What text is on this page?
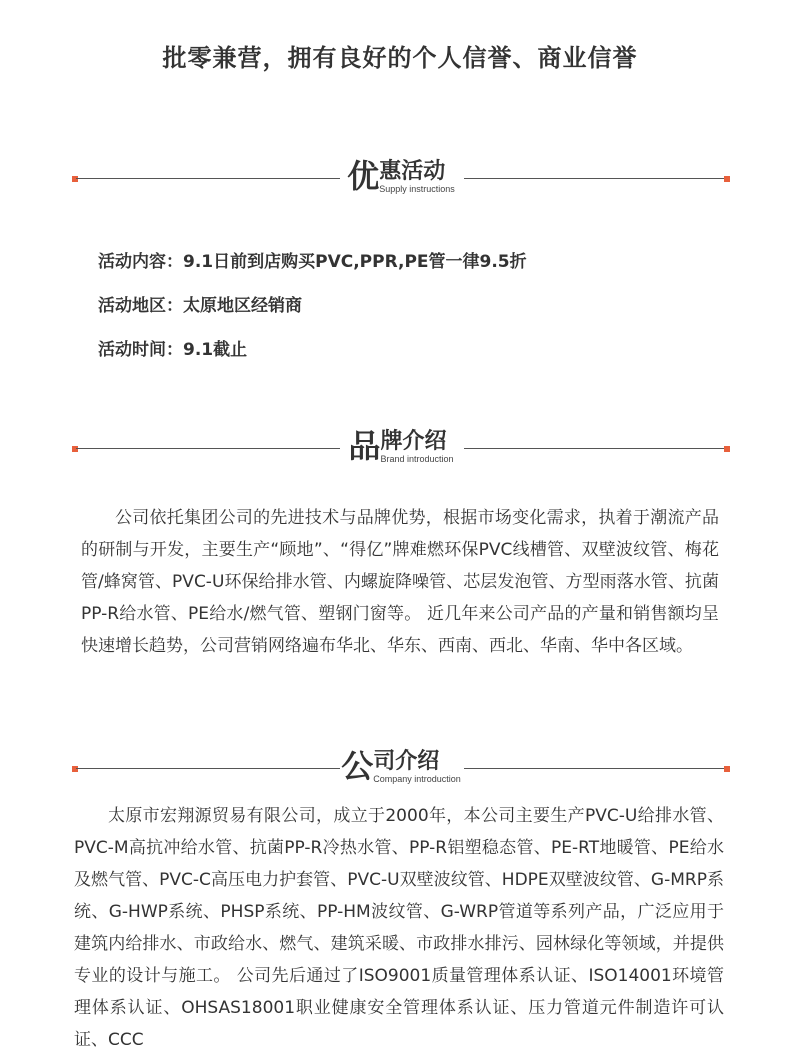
批零兼营，拥有良好的个人信誉、商业信誉
优 惠活动
Supply instructions
活动内容：9.1日前到店购买PVC,PPR,PE管一律9.5折
活动地区：太原地区经销商
活动时间：9.1截止
品 牌介绍
Brand introduction
公司依托集团公司的先进技术与品牌优势，根据市场变化需求，执着于潮流产品的研制与开发，主要生产“顾地”、“得亿”牌难燃环保PVC线槽管、双壁波纹管、梅花管/蜂窝管、PVC-U环保给排水管、内螺旋降噪管、芯层发泡管、方型雨落水管、抗菌PP-R给水管、PE给水/燃气管、塑钢门窗等。 近几年来公司产品的产量和销售额均呈快速增长趋势，公司营销网络遍布华北、华东、西南、西北、华南、华中各区域。
公 司介绍
Company introduction
太原市宏翔源贸易有限公司，成立于2000年，本公司主要生产PVC-U给排水管、PVC-M高抗冲给水管、抗菌PP-R冷热水管、PP-R铝塑稳态管、PE-RT地暖管、PE给水及燃气管、PVC-C高压电力护套管、PVC-U双壁波纹管、HDPE双壁波纹管、G-MRP系统、G-HWP系统、PHSP系统、PP-HM波纹管、G-WRP管道等系列产品，广泛应用于建筑内给排水、市政给水、燃气、建筑采暖、市政排水排污、园林绿化等领域，并提供专业的设计与施工。 公司先后通过了ISO9001质量管理体系认证、ISO14001环境管理体系认证、OHSAS18001职业健康安全管理体系认证、压力管道元件制造许可认证、CCC
